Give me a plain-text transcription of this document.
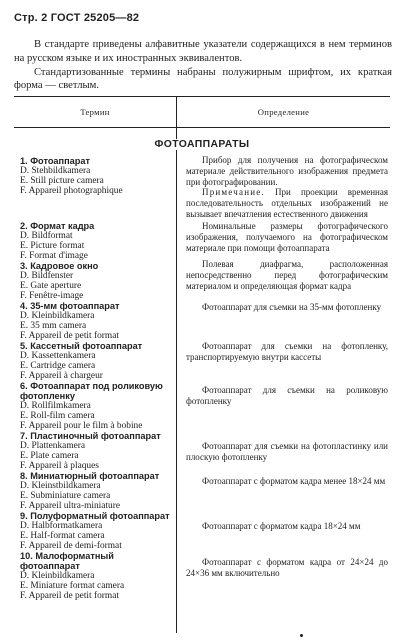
Стр. 2 ГОСТ 25205—82

В стандарте приведены алфавитные указатели содержащихся в нем терминов на русском языке и их иностранных эквивалентов.

Стандартизованные термины набраны полужирным шрифтом, их краткая форма — светлым.

Термин	Определение
ФОТОАППАРАТЫ
1. Фотоаппарат
D. Stehbildkamera
E. Still picture camera
F. Appareil photographique
Прибор для получения на фотографическом материале действительного изображения предмета при фотографировании.
Примечание. При проекции временная последовательность отдельных изображений не вызывает впечатления естественного движения
2. Формат кадра
D. Bildformat
E. Picture format
F. Format d'image
Номинальные размеры фотографического изображения, получаемого на фотографическом материале при помощи фотоаппарата
3. Кадровое окно
D. Bildfenster
E. Gate aperture
F. Fenêtre-image
Полевая диафрагма, расположенная непосредственно перед фотографическим материалом и определяющая формат кадра
4. 35-мм фотоаппарат
D. Kleinbildkamera
E. 35 mm camera
F. Appareil de petit format
Фотоаппарат для съемки на 35-мм фотопленку
5. Кассетный фотоаппарат
D. Kassettenkamera
E. Cartridge camera
F. Appareil à chargeur
Фотоаппарат для съемки на фотопленку, транспортируемую внутри кассеты
6. Фотоаппарат под роликовую фотопленку
D. Rollfilmkamera
E. Roll-film camera
F. Appareil pour le film à bobine
Фотоаппарат для съемки на роликовую фотопленку
7. Пластиночный фотоаппарат
D. Plattenkamera
E. Plate camera
F. Appareil à plaques
Фотоаппарат для съемки на фотопластинку или плоскую фотопленку
8. Миниатюрный фотоаппарат
D. Kleinstbildkamera
E. Subminiature camera
F. Appareil ultra-miniature
Фотоаппарат с форматом кадра менее 18×24 мм
9. Полуформатный фотоаппарат
D. Halbformatkamera
E. Half-format camera
F. Appareil de demi-format
Фотоаппарат с форматом кадра 18×24 мм
10. Малоформатный фотоаппарат
D. Kleinbildkamera
E. Miniature format camera
F. Appareil de petit format
Фотоаппарат с форматом кадра от 24×24 до 24×36 мм включительно
